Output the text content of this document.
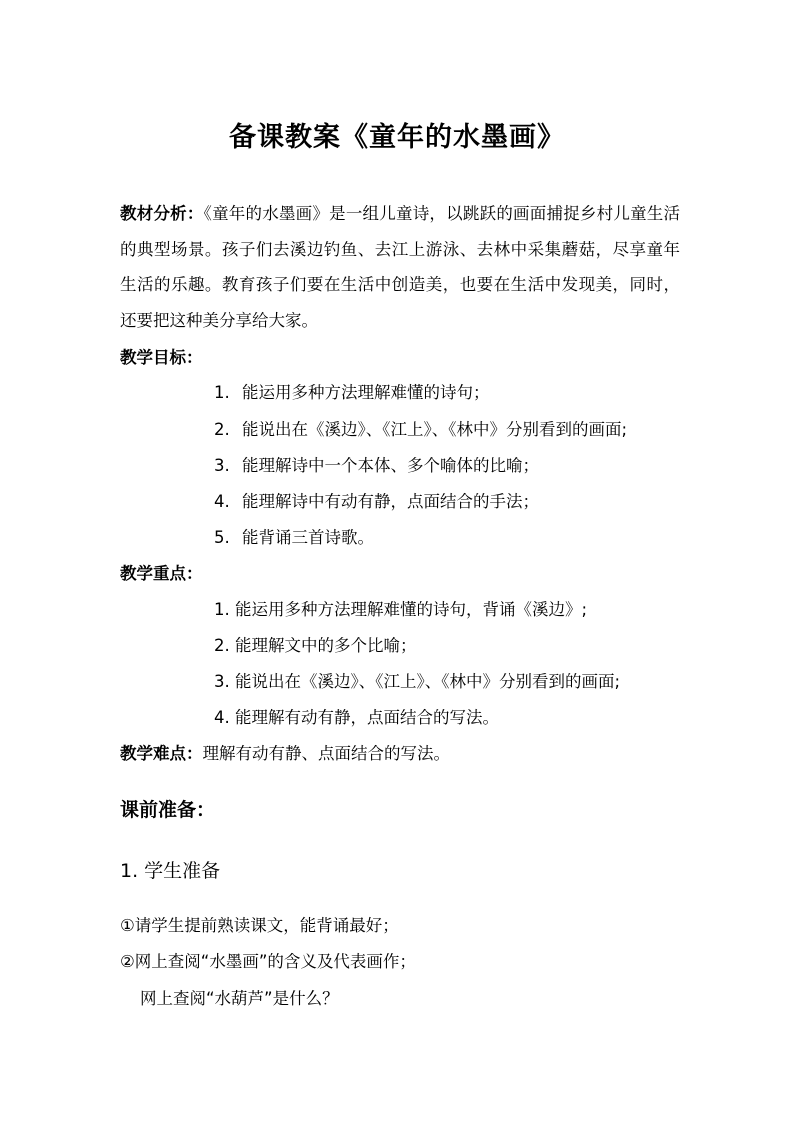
备课教案《童年的水墨画》
教材分析：《童年的水墨画》是一组儿童诗，以跳跃的画面捕捉乡村儿童生活的典型场景。孩子们去溪边钓鱼、去江上游泳、去林中采集蘑菇，尽享童年生活的乐趣。教育孩子们要在生活中创造美，也要在生活中发现美，同时，还要把这种美分享给大家。
教学目标：
1. 能运用多种方法理解难懂的诗句；
2. 能说出在《溪边》、《江上》、《林中》分别看到的画面;
3. 能理解诗中一个本体、多个喻体的比喻；
4. 能理解诗中有动有静，点面结合的手法；
5. 能背诵三首诗歌。
教学重点：
1. 能运用多种方法理解难懂的诗句，背诵《溪边》;
2. 能理解文中的多个比喻；
3. 能说出在《溪边》、《江上》、《林中》分别看到的画面;
4. 能理解有动有静，点面结合的写法。
教学难点：理解有动有静、点面结合的写法。
课前准备：
1. 学生准备
①请学生提前熟读课文，能背诵最好；
②网上查阅“水墨画”的含义及代表画作；
网上查阅“水葫芦”是什么？
